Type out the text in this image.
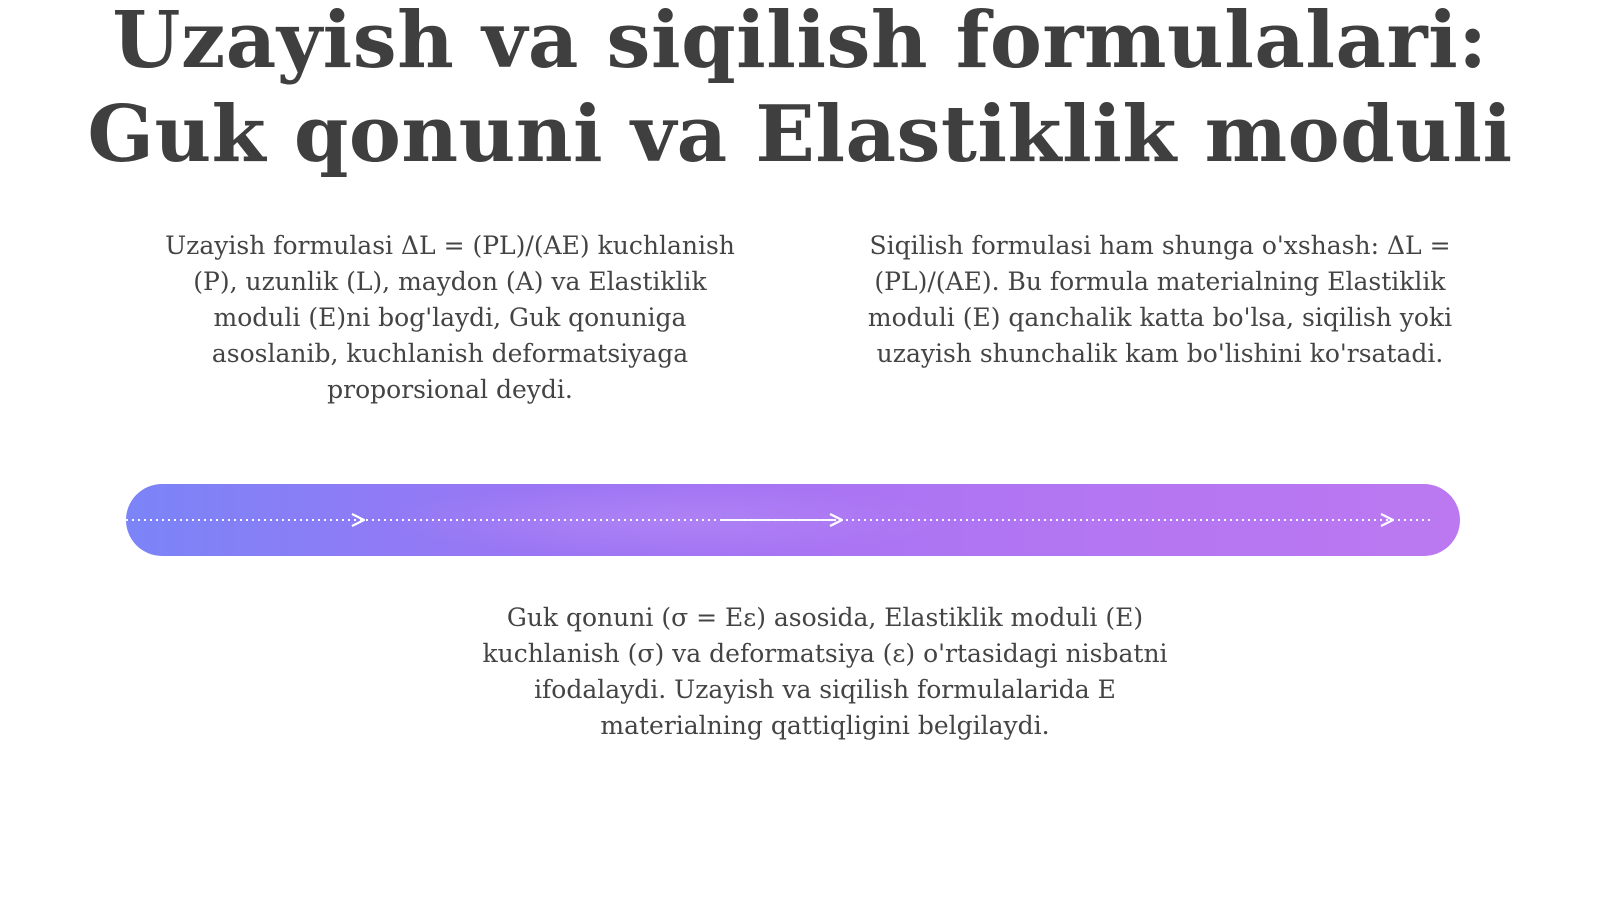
Uzayish va siqilish formulalari:
Guk qonuni va Elastiklik moduli

Uzayish formulasi ΔL = (PL)/(AE) kuchlanish (P), uzunlik (L), maydon (A) va Elastiklik moduli (E)ni bog'laydi, Guk qonuniga asoslanib, kuchlanish deformatsiyaga proporsional deydi.

Siqilish formulasi ham shunga o'xshash: ΔL = (PL)/(AE). Bu formula materialning Elastiklik moduli (E) qanchalik katta bo'lsa, siqilish yoki uzayish shunchalik kam bo'lishini ko'rsatadi.

Guk qonuni (σ = Eε) asosida, Elastiklik moduli (E) kuchlanish (σ) va deformatsiya (ε) o'rtasidagi nisbatni ifodalaydi. Uzayish va siqilish formulalarida E materialning qattiqligini belgilaydi.
